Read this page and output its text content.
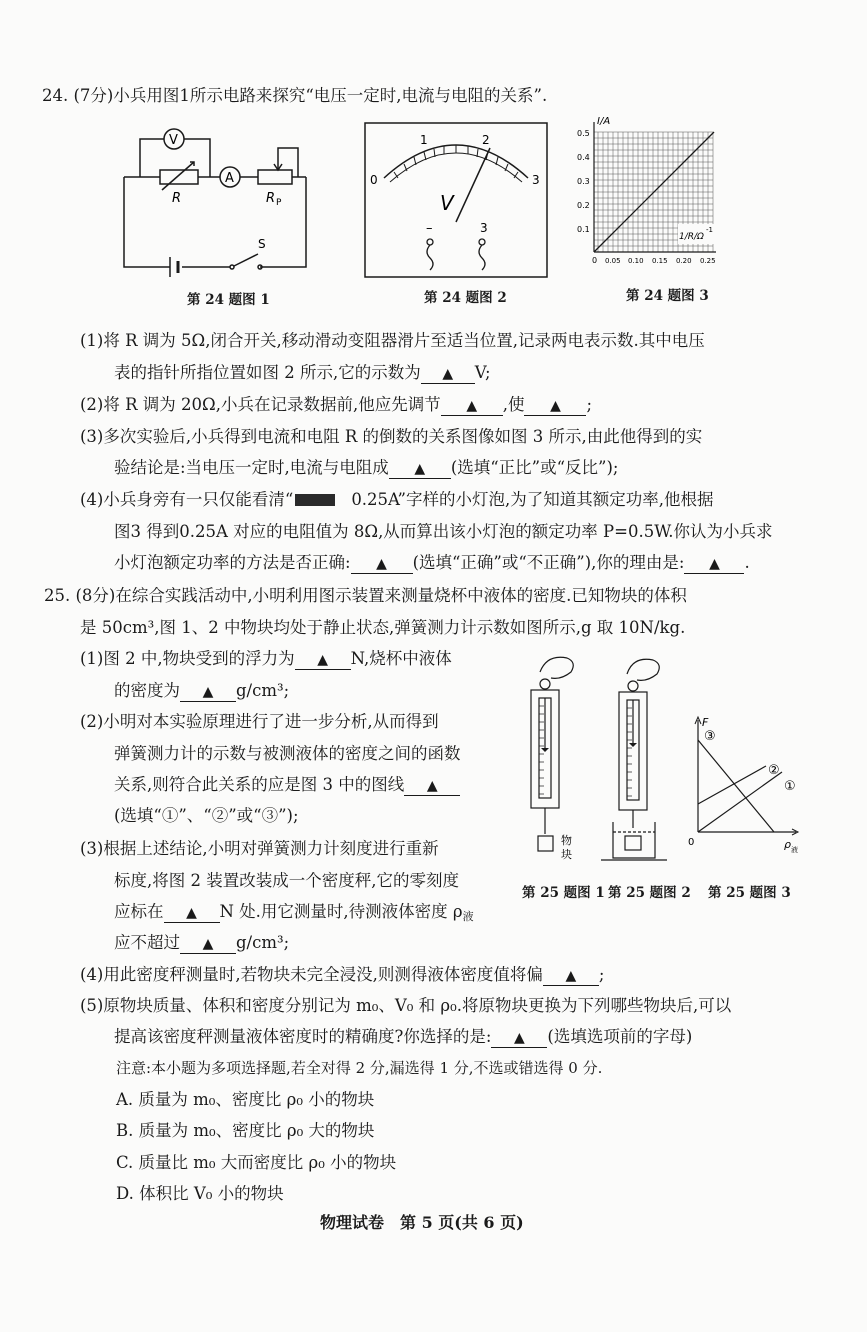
24. (7分)小兵用图1所示电路来探究“电压一定时,电流与电阻的关系”.
V
A
R	R P
S
第 24 题图 1
0
1	2
3
V
–	3
第 24 题图 2
I/A
0.5
0.4
0.3
0.2
0.1
0 0.05 0.10 0.15 0.20 0.25
1/R/Ω
-1
第 24 题图 3
(1)将 R 调为 5Ω,闭合开关,移动滑动变阻器滑片至适当位置,记录两电表示数.其中电压
表的指针所指位置如图 2 所示,它的示数为 ▲ V;
(2)将 R 调为 20Ω,小兵在记录数据前,他应先调节 ▲ ,使 ▲ ;
(3)多次实验后,小兵得到电流和电阻 R 的倒数的关系图像如图 3 所示,由此他得到的实
验结论是:当电压一定时,电流与电阻成 ▲ (选填“正比”或“反比”);
(4)小兵身旁有一只仅能看清“	0.25A”字样的小灯泡,为了知道其额定功率,他根据
图3 得到0.25A 对应的电阻值为 8Ω,从而算出该小灯泡的额定功率 P=0.5W.你认为小兵求
小灯泡额定功率的方法是否正确: ▲ (选填“正确”或“不正确”),你的理由是: ▲ .
25. (8分)在综合实践活动中,小明利用图示装置来测量烧杯中液体的密度.已知物块的体积
是 50cm³,图 1、2 中物块均处于静止状态,弹簧测力计示数如图所示,g 取 10N/kg.
(1)图 2 中,物块受到的浮力为 ▲ N,烧杯中液体
的密度为 ▲ g/cm³;
(2)小明对本实验原理进行了进一步分析,从而得到
弹簧测力计的示数与被测液体的密度之间的函数
关系,则符合此关系的应是图 3 中的图线 ▲
(选填“①”、“②”或“③”);
(3)根据上述结论,小明对弹簧测力计刻度进行重新
标度,将图 2 装置改装成一个密度秤,它的零刻度
应标在 ▲ N 处.用它测量时,待测液体密度 $\rho_液$
应不超过 ▲ g/cm³;
(4)用此密度秤测量时,若物块未完全浸没,则测得液体密度值将偏 ▲ ;
(5)原物块质量、体积和密度分别记为 m₀、V₀ 和 ρ₀.将原物块更换为下列哪些物块后,可以
提高该密度秤测量液体密度时的精确度?你选择的是: ▲ (选填选项前的字母)
注意:本小题为多项选择题,若全对得 2 分,漏选得 1 分,不选或错选得 0 分.
A. 质量为 m₀、密度比 ρ₀ 小的物块
B. 质量为 m₀、密度比 ρ₀ 大的物块
C. 质量比 m₀ 大而密度比 ρ₀ 小的物块
D. 体积比 V₀ 小的物块
物
块
F
0	ρ 液
③
②
①
第 25 题图 1 第 25 题图 2 第 25 题图 3
物理试卷　第 5 页(共 6 页)
